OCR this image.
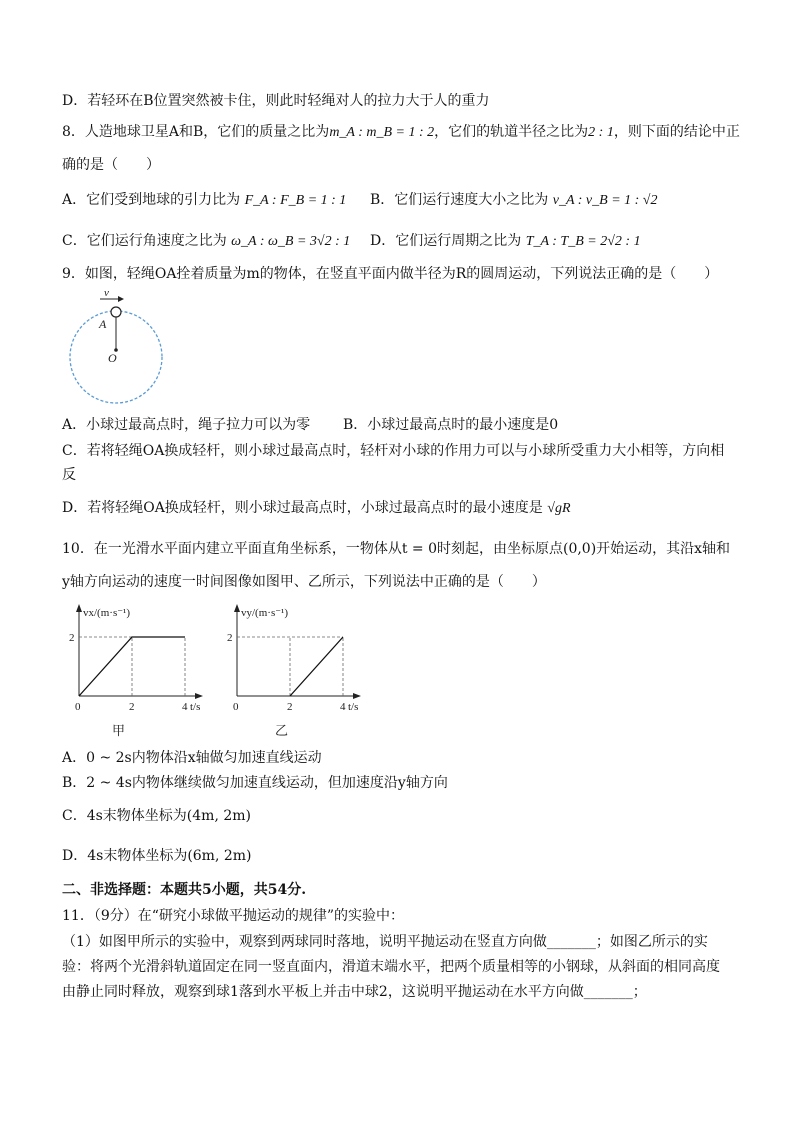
D．若轻环在B位置突然被卡住，则此时轻绳对人的拉力大于人的重力
8．人造地球卫星A和B，它们的质量之比为m_A : m_B = 1 : 2，它们的轨道半径之比为2 : 1，则下面的结论中正
确的是（　　）
A．它们受到地球的引力比为 F_A : F_B = 1 : 1 B．它们运行速度大小之比为 v_A : v_B = 1 : √2
C．它们运行角速度之比为 ω_A : ω_B = 3√2 : 1 D．它们运行周期之比为 T_A : T_B = 2√2 : 1
9．如图，轻绳OA拴着质量为m的物体，在竖直平面内做半径为R的圆周运动，下列说法正确的是（　　）
v
A
O
A．小球过最高点时，绳子拉力可以为零 B．小球过最高点时的最小速度是0
C．若将轻绳OA换成轻杆，则小球过最高点时，轻杆对小球的作用力可以与小球所受重力大小相等，方向相
反
D．若将轻绳OA换成轻杆，则小球过最高点时，小球过最高点时的最小速度是 √gR
10．在一光滑水平面内建立平面直角坐标系，一物体从t = 0时刻起，由坐标原点(0,0)开始运动，其沿x轴和
y轴方向运动的速度一时间图像如图甲、乙所示，下列说法中正确的是（　　）
0	2	4
2
vx/(m·s⁻¹)
t/s
甲
0	2	4
2
vy/(m·s⁻¹)
t/s
乙
A．0 ~ 2s内物体沿x轴做匀加速直线运动
B．2 ~ 4s内物体继续做匀加速直线运动，但加速度沿y轴方向
C．4s末物体坐标为(4m, 2m)
D．4s末物体坐标为(6m, 2m)
二、非选择题：本题共5小题，共54分.
11．（9分）在“研究小球做平抛运动的规律”的实验中：
（1）如图甲所示的实验中，观察到两球同时落地，说明平抛运动在竖直方向做_______；如图乙所示的实
验：将两个光滑斜轨道固定在同一竖直面内，滑道末端水平，把两个质量相等的小钢球，从斜面的相同高度
由静止同时释放，观察到球1落到水平板上并击中球2，这说明平抛运动在水平方向做_______；
